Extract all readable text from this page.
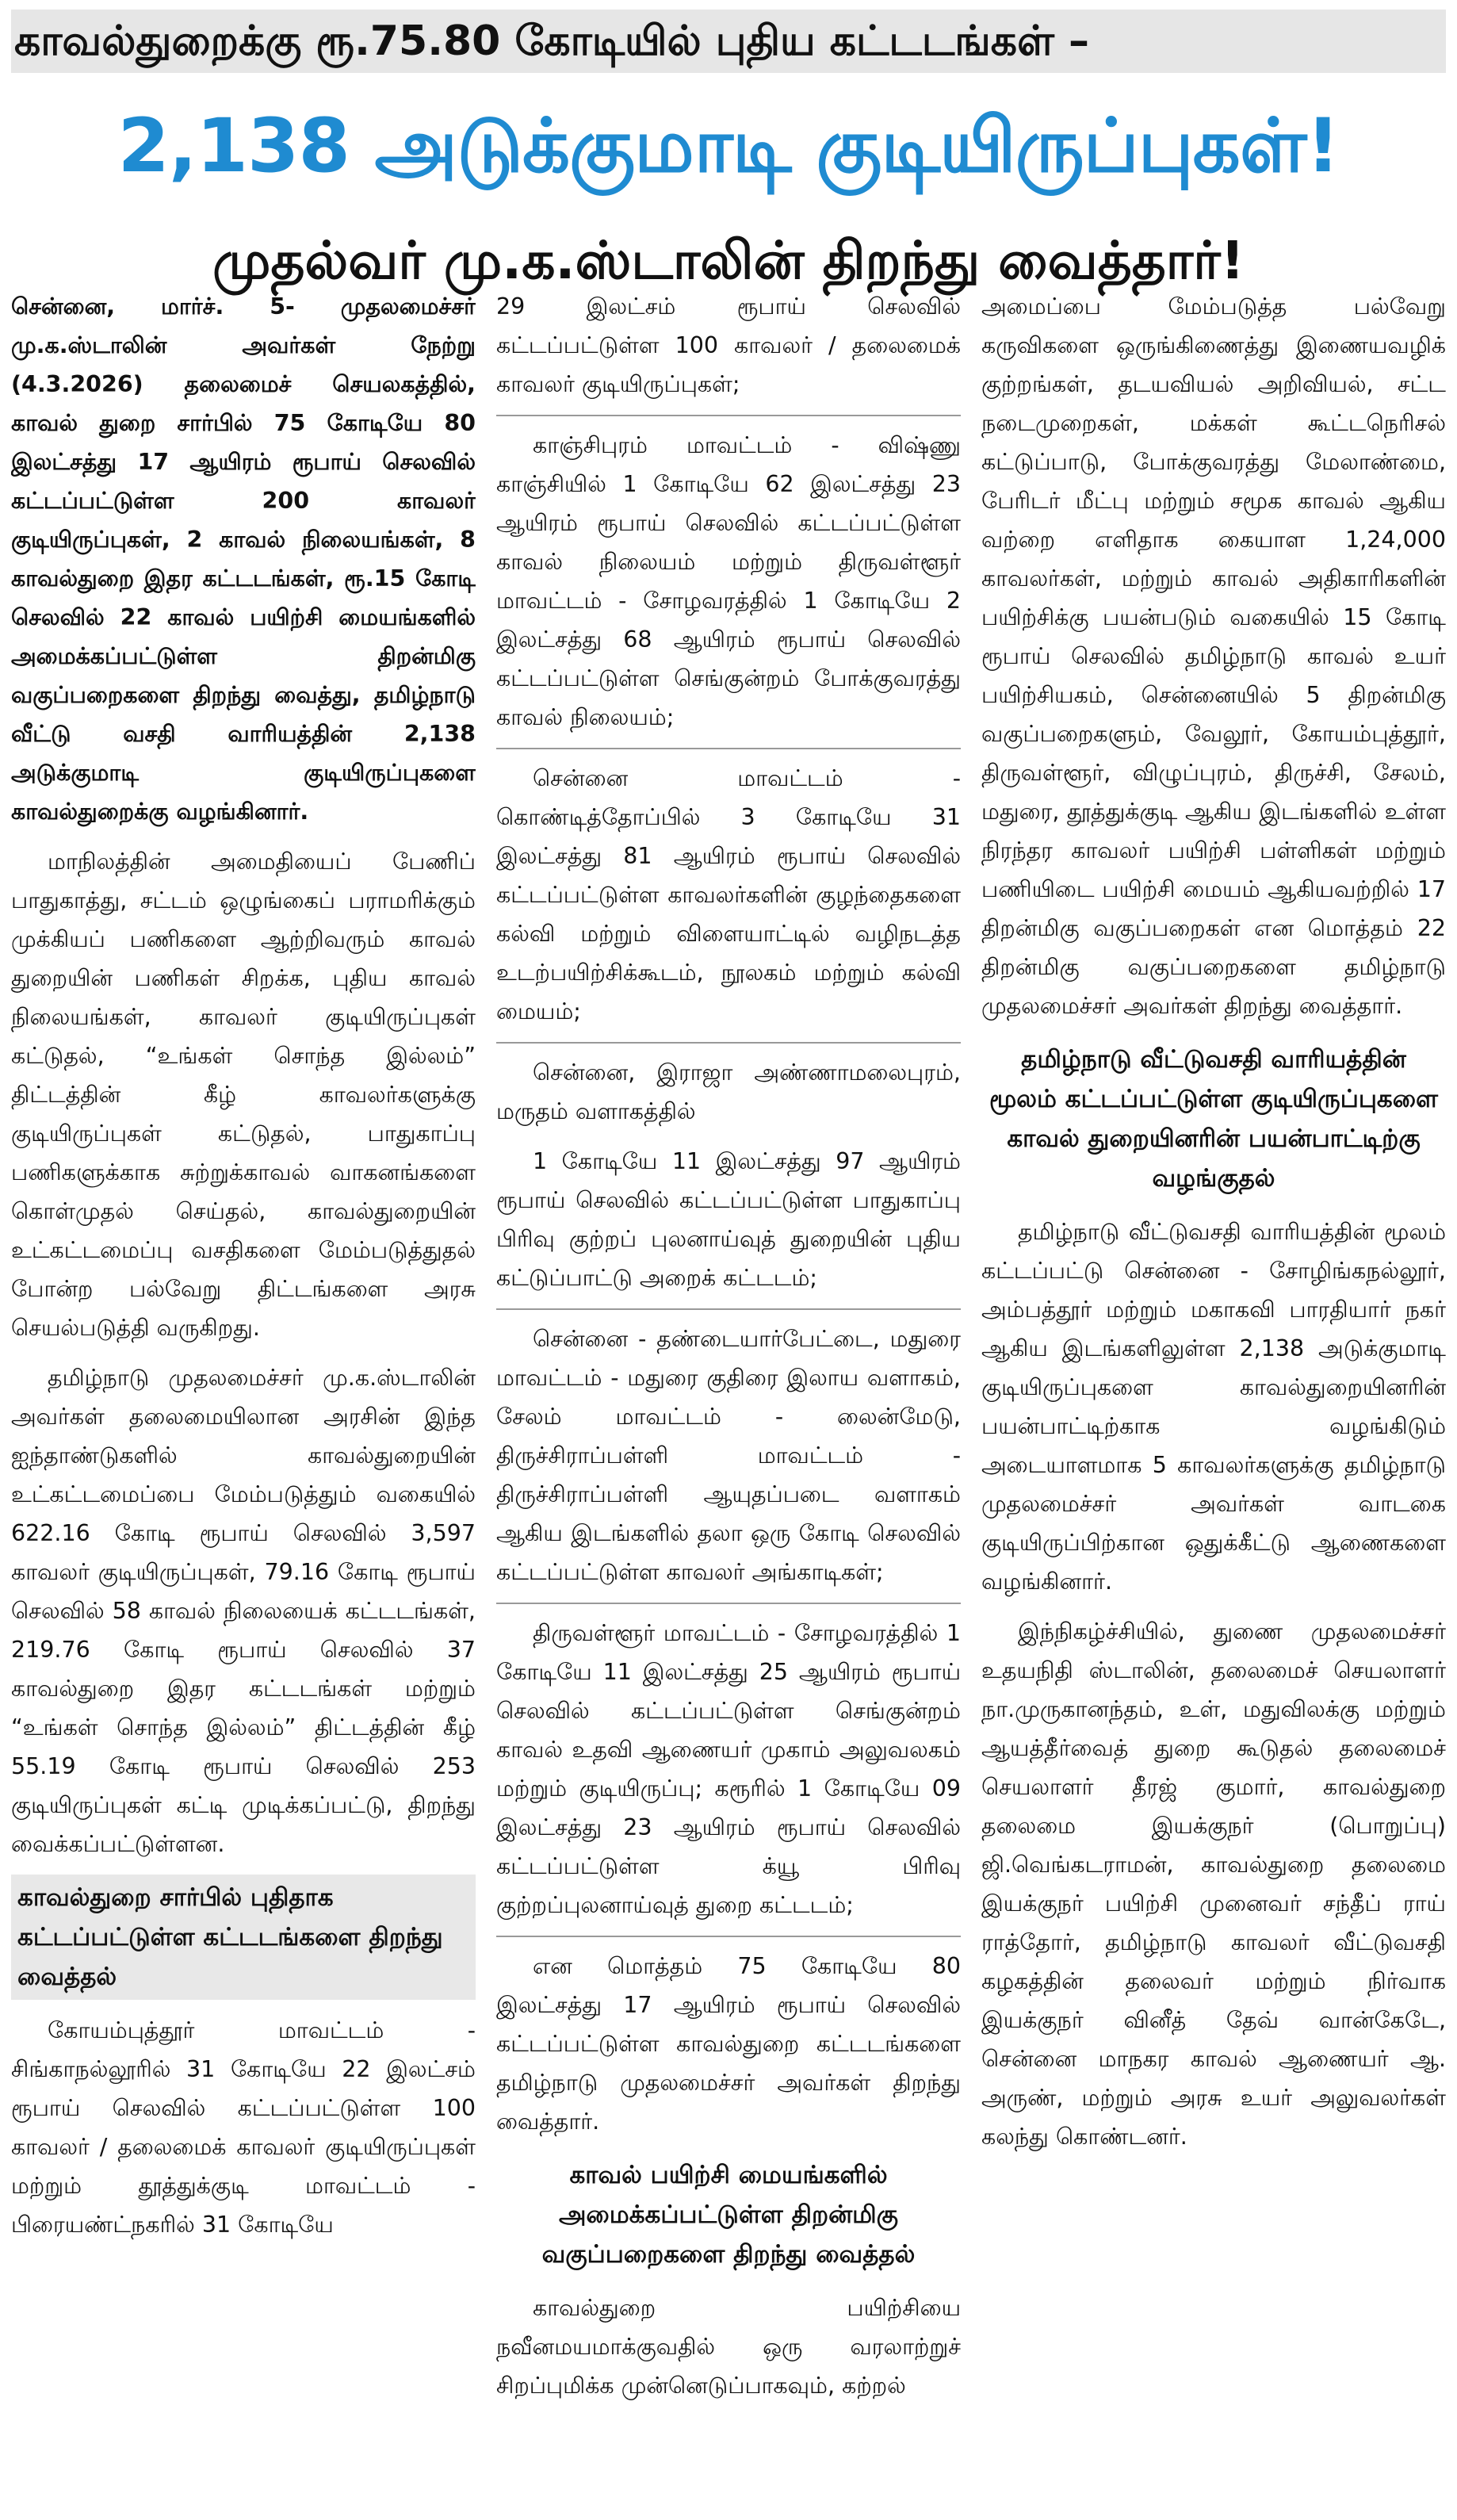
காவல்துறைக்கு ரூ.75.80 கோடியில் புதிய கட்டடங்கள் –
2,138 அடுக்குமாடி குடியிருப்புகள்!
முதல்வர் மு.க.ஸ்டாலின் திறந்து வைத்தார்!

சென்னை, மார்ச். 5- முதலமைச்சர் மு.க.ஸ்டாலின் அவர்கள் நேற்று (4.3.2026) தலைமைச் செயலகத்தில், காவல் துறை சார்பில் 75 கோடியே 80 இலட்சத்து 17 ஆயிரம் ரூபாய் செலவில் கட்டப்பட்டுள்ள 200 காவலர் குடியிருப்புகள், 2 காவல் நிலையங்கள், 8 காவல்துறை இதர கட்டடங்கள், ரூ.15 கோடி செலவில் 22 காவல் பயிற்சி மையங்களில் அமைக்கப்பட்டுள்ள திறன்மிகு வகுப்பறைகளை திறந்து வைத்து, தமிழ்நாடு வீட்டு வசதி வாரியத்தின் 2,138 அடுக்குமாடி குடியிருப்புகளை காவல்துறைக்கு வழங்கினார்.

மாநிலத்தின் அமைதியைப் பேணிப் பாதுகாத்து, சட்டம் ஒழுங்கைப் பராமரிக்கும் முக்கியப் பணிகளை ஆற்றிவரும் காவல் துறையின் பணிகள் சிறக்க, புதிய காவல் நிலையங்கள், காவலர் குடியிருப்புகள் கட்டுதல், “உங்கள் சொந்த இல்லம்” திட்டத்தின் கீழ் காவலர்களுக்கு குடியிருப்புகள் கட்டுதல், பாதுகாப்பு பணிகளுக்காக சுற்றுக்காவல் வாகனங்களை கொள்முதல் செய்தல், காவல்துறையின் உட்கட்டமைப்பு வசதிகளை மேம்படுத்துதல் போன்ற பல்வேறு திட்டங்களை அரசு செயல்படுத்தி வருகிறது.

தமிழ்நாடு முதலமைச்சர் மு.க.ஸ்டாலின் அவர்கள் தலைமையிலான அரசின் இந்த ஐந்தாண்டுகளில் காவல்துறையின் உட்கட்டமைப்பை மேம்படுத்தும் வகையில் 622.16 கோடி ரூபாய் செலவில் 3,597 காவலர் குடியிருப்புகள், 79.16 கோடி ரூபாய் செலவில் 58 காவல் நிலையைக் கட்டடங்கள், 219.76 கோடி ரூபாய் செலவில் 37 காவல்துறை இதர கட்டடங்கள் மற்றும் “உங்கள் சொந்த இல்லம்” திட்டத்தின் கீழ் 55.19 கோடி ரூபாய் செலவில் 253 குடியிருப்புகள் கட்டி முடிக்கப்பட்டு, திறந்து வைக்கப்பட்டுள்ளன.

காவல்துறை சார்பில் புதிதாக கட்டப்பட்டுள்ள கட்டடங்களை திறந்து வைத்தல்

கோயம்புத்தூர் மாவட்டம் - சிங்காநல்லூரில் 31 கோடியே 22 இலட்சம் ரூபாய் செலவில் கட்டப்பட்டுள்ள 100 காவலர் / தலைமைக் காவலர் குடியிருப்புகள் மற்றும் தூத்துக்குடி மாவட்டம் - பிரையண்ட்நகரில் 31 கோடியே

29 இலட்சம் ரூபாய் செலவில் கட்டப்பட்டுள்ள 100 காவலர் / தலைமைக் காவலர் குடியிருப்புகள்;

காஞ்சிபுரம் மாவட்டம் - விஷ்ணு காஞ்சியில் 1 கோடியே 62 இலட்சத்து 23 ஆயிரம் ரூபாய் செலவில் கட்டப்பட்டுள்ள காவல் நிலையம் மற்றும் திருவள்ளூர் மாவட்டம் - சோழவரத்தில் 1 கோடியே 2 இலட்சத்து 68 ஆயிரம் ரூபாய் செலவில் கட்டப்பட்டுள்ள செங்குன்றம் போக்குவரத்து காவல் நிலையம்;

சென்னை மாவட்டம் - கொண்டித்தோப்பில் 3 கோடியே 31 இலட்சத்து 81 ஆயிரம் ரூபாய் செலவில் கட்டப்பட்டுள்ள காவலர்களின் குழந்தைகளை கல்வி மற்றும் விளையாட்டில் வழிநடத்த உடற்பயிற்சிக்கூடம், நூலகம் மற்றும் கல்வி மையம்;

சென்னை, இராஜா அண்ணாமலைபுரம், மருதம் வளாகத்தில்

1 கோடியே 11 இலட்சத்து 97 ஆயிரம் ரூபாய் செலவில் கட்டப்பட்டுள்ள பாதுகாப்பு பிரிவு குற்றப் புலனாய்வுத் துறையின் புதிய கட்டுப்பாட்டு அறைக் கட்டடம்;

சென்னை - தண்டையார்பேட்டை, மதுரை மாவட்டம் - மதுரை குதிரை இலாய வளாகம், சேலம் மாவட்டம் - லைன்மேடு, திருச்சிராப்பள்ளி மாவட்டம் - திருச்சிராப்பள்ளி ஆயுதப்படை வளாகம் ஆகிய இடங்களில் தலா ஒரு கோடி செலவில் கட்டப்பட்டுள்ள காவலர் அங்காடிகள்;

திருவள்ளூர் மாவட்டம் - சோழவரத்தில் 1 கோடியே 11 இலட்சத்து 25 ஆயிரம் ரூபாய் செலவில் கட்டப்பட்டுள்ள செங்குன்றம் காவல் உதவி ஆணையர் முகாம் அலுவலகம் மற்றும் குடியிருப்பு; கரூரில் 1 கோடியே 09 இலட்சத்து 23 ஆயிரம் ரூபாய் செலவில் கட்டப்பட்டுள்ள க்யூ பிரிவு குற்றப்புலனாய்வுத் துறை கட்டடம்;

என மொத்தம் 75 கோடியே 80 இலட்சத்து 17 ஆயிரம் ரூபாய் செலவில் கட்டப்பட்டுள்ள காவல்துறை கட்டடங்களை தமிழ்நாடு முதலமைச்சர் அவர்கள் திறந்து வைத்தார்.

காவல் பயிற்சி மையங்களில் அமைக்கப்பட்டுள்ள திறன்மிகு வகுப்பறைகளை திறந்து வைத்தல்

காவல்துறை பயிற்சியை நவீனமயமாக்குவதில் ஒரு வரலாற்றுச் சிறப்புமிக்க முன்னெடுப்பாகவும், கற்றல்

அமைப்பை மேம்படுத்த பல்வேறு கருவிகளை ஒருங்கிணைத்து இணையவழிக் குற்றங்கள், தடயவியல் அறிவியல், சட்ட நடைமுறைகள், மக்கள் கூட்டநெரிசல் கட்டுப்பாடு, போக்குவரத்து மேலாண்மை, பேரிடர் மீட்பு மற்றும் சமூக காவல் ஆகிய வற்றை எளிதாக கையாள 1,24,000 காவலர்கள், மற்றும் காவல் அதிகாரிகளின் பயிற்சிக்கு பயன்படும் வகையில் 15 கோடி ரூபாய் செலவில் தமிழ்நாடு காவல் உயர் பயிற்சியகம், சென்னையில் 5 திறன்மிகு வகுப்பறைகளும், வேலூர், கோயம்புத்தூர், திருவள்ளூர், விழுப்புரம், திருச்சி, சேலம், மதுரை, தூத்துக்குடி ஆகிய இடங்களில் உள்ள நிரந்தர காவலர் பயிற்சி பள்ளிகள் மற்றும் பணியிடை பயிற்சி மையம் ஆகியவற்றில் 17 திறன்மிகு வகுப்பறைகள் என மொத்தம் 22 திறன்மிகு வகுப்பறைகளை தமிழ்நாடு முதலமைச்சர் அவர்கள் திறந்து வைத்தார்.

தமிழ்நாடு வீட்டுவசதி வாரியத்தின் மூலம் கட்டப்பட்டுள்ள குடியிருப்புகளை காவல் துறையினரின் பயன்பாட்டிற்கு வழங்குதல்

தமிழ்நாடு வீட்டுவசதி வாரியத்தின் மூலம் கட்டப்பட்டு சென்னை - சோழிங்கநல்லூர், அம்பத்தூர் மற்றும் மகாகவி பாரதியார் நகர் ஆகிய இடங்களிலுள்ள 2,138 அடுக்குமாடி குடியிருப்புகளை காவல்துறையினரின் பயன்பாட்டிற்காக வழங்கிடும் அடையாளமாக 5 காவலர்களுக்கு தமிழ்நாடு முதலமைச்சர் அவர்கள் வாடகை குடியிருப்பிற்கான ஒதுக்கீட்டு ஆணைகளை வழங்கினார்.

இந்நிகழ்ச்சியில், துணை முதலமைச்சர் உதயநிதி ஸ்டாலின், தலைமைச் செயலாளர் நா.முருகானந்தம், உள், மதுவிலக்கு மற்றும் ஆயத்தீர்வைத் துறை கூடுதல் தலைமைச் செயலாளர் தீரஜ் குமார், காவல்துறை தலைமை இயக்குநர் (பொறுப்பு) ஜி.வெங்கடராமன், காவல்துறை தலைமை இயக்குநர் பயிற்சி முனைவர் சந்தீப் ராய் ராத்தோர், தமிழ்நாடு காவலர் வீட்டுவசதி கழகத்தின் தலைவர் மற்றும் நிர்வாக இயக்குநர் வினீத் தேவ் வான்கேடே, சென்னை மாநகர காவல் ஆணையர் ஆ. அருண், மற்றும் அரசு உயர் அலுவலர்கள் கலந்து கொண்டனர்.
